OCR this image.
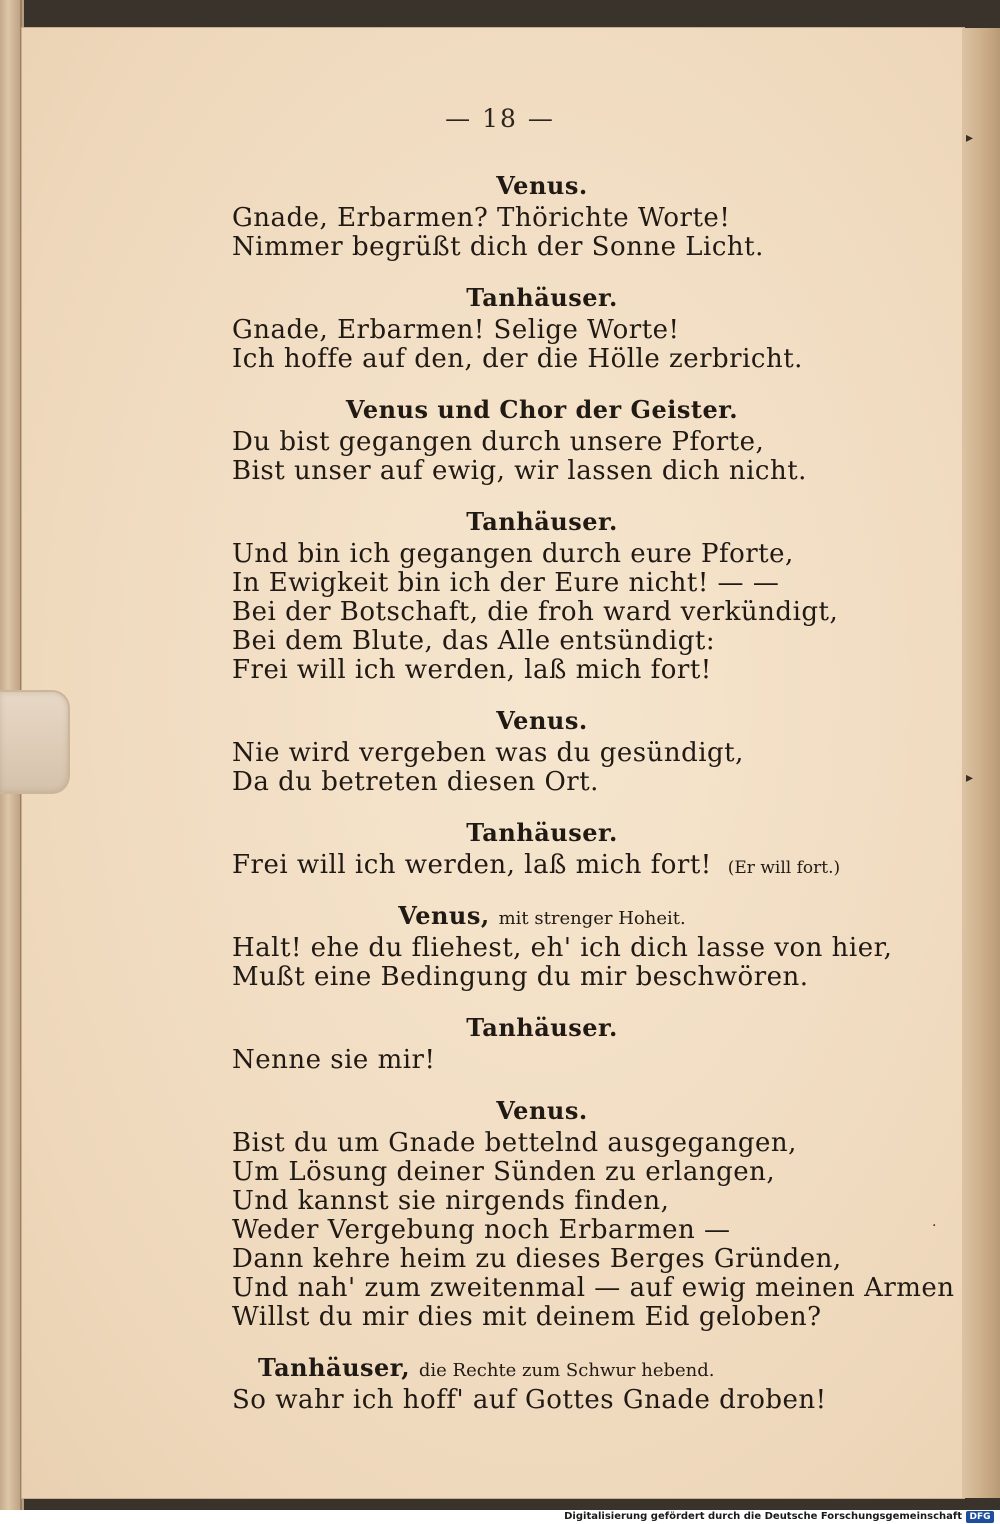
▸
▸
·
— 18 —
Venus.
Gnade, Erbarmen? Thörichte Worte!
Nimmer begrüßt dich der Sonne Licht.
Tanhäuser.
Gnade, Erbarmen! Selige Worte!
Ich hoffe auf den, der die Hölle zerbricht.
Venus und Chor der Geister.
Du bist gegangen durch unsere Pforte,
Bist unser auf ewig, wir lassen dich nicht.
Tanhäuser.
Und bin ich gegangen durch eure Pforte,
In Ewigkeit bin ich der Eure nicht! — —
Bei der Botschaft, die froh ward verkündigt,
Bei dem Blute, das Alle entsündigt:
Frei will ich werden, laß mich fort!
Venus.
Nie wird vergeben was du gesündigt,
Da du betreten diesen Ort.
Tanhäuser.
Frei will ich werden, laß mich fort! (Er will fort.)
Venus, mit strenger Hoheit.
Halt! ehe du fliehest, eh' ich dich lasse von hier,
Mußt eine Bedingung du mir beschwören.
Tanhäuser.
Nenne sie mir!
Venus.
Bist du um Gnade bettelnd ausgegangen,
Um Lösung deiner Sünden zu erlangen,
Und kannst sie nirgends finden,
Weder Vergebung noch Erbarmen —
Dann kehre heim zu dieses Berges Gründen,
Und nah' zum zweitenmal — auf ewig meinen Armen
Willst du mir dies mit deinem Eid geloben?
Tanhäuser, die Rechte zum Schwur hebend.
So wahr ich hoff' auf Gottes Gnade droben!
Digitalisierung gefördert durch die Deutsche Forschungsgemeinschaft DFG
